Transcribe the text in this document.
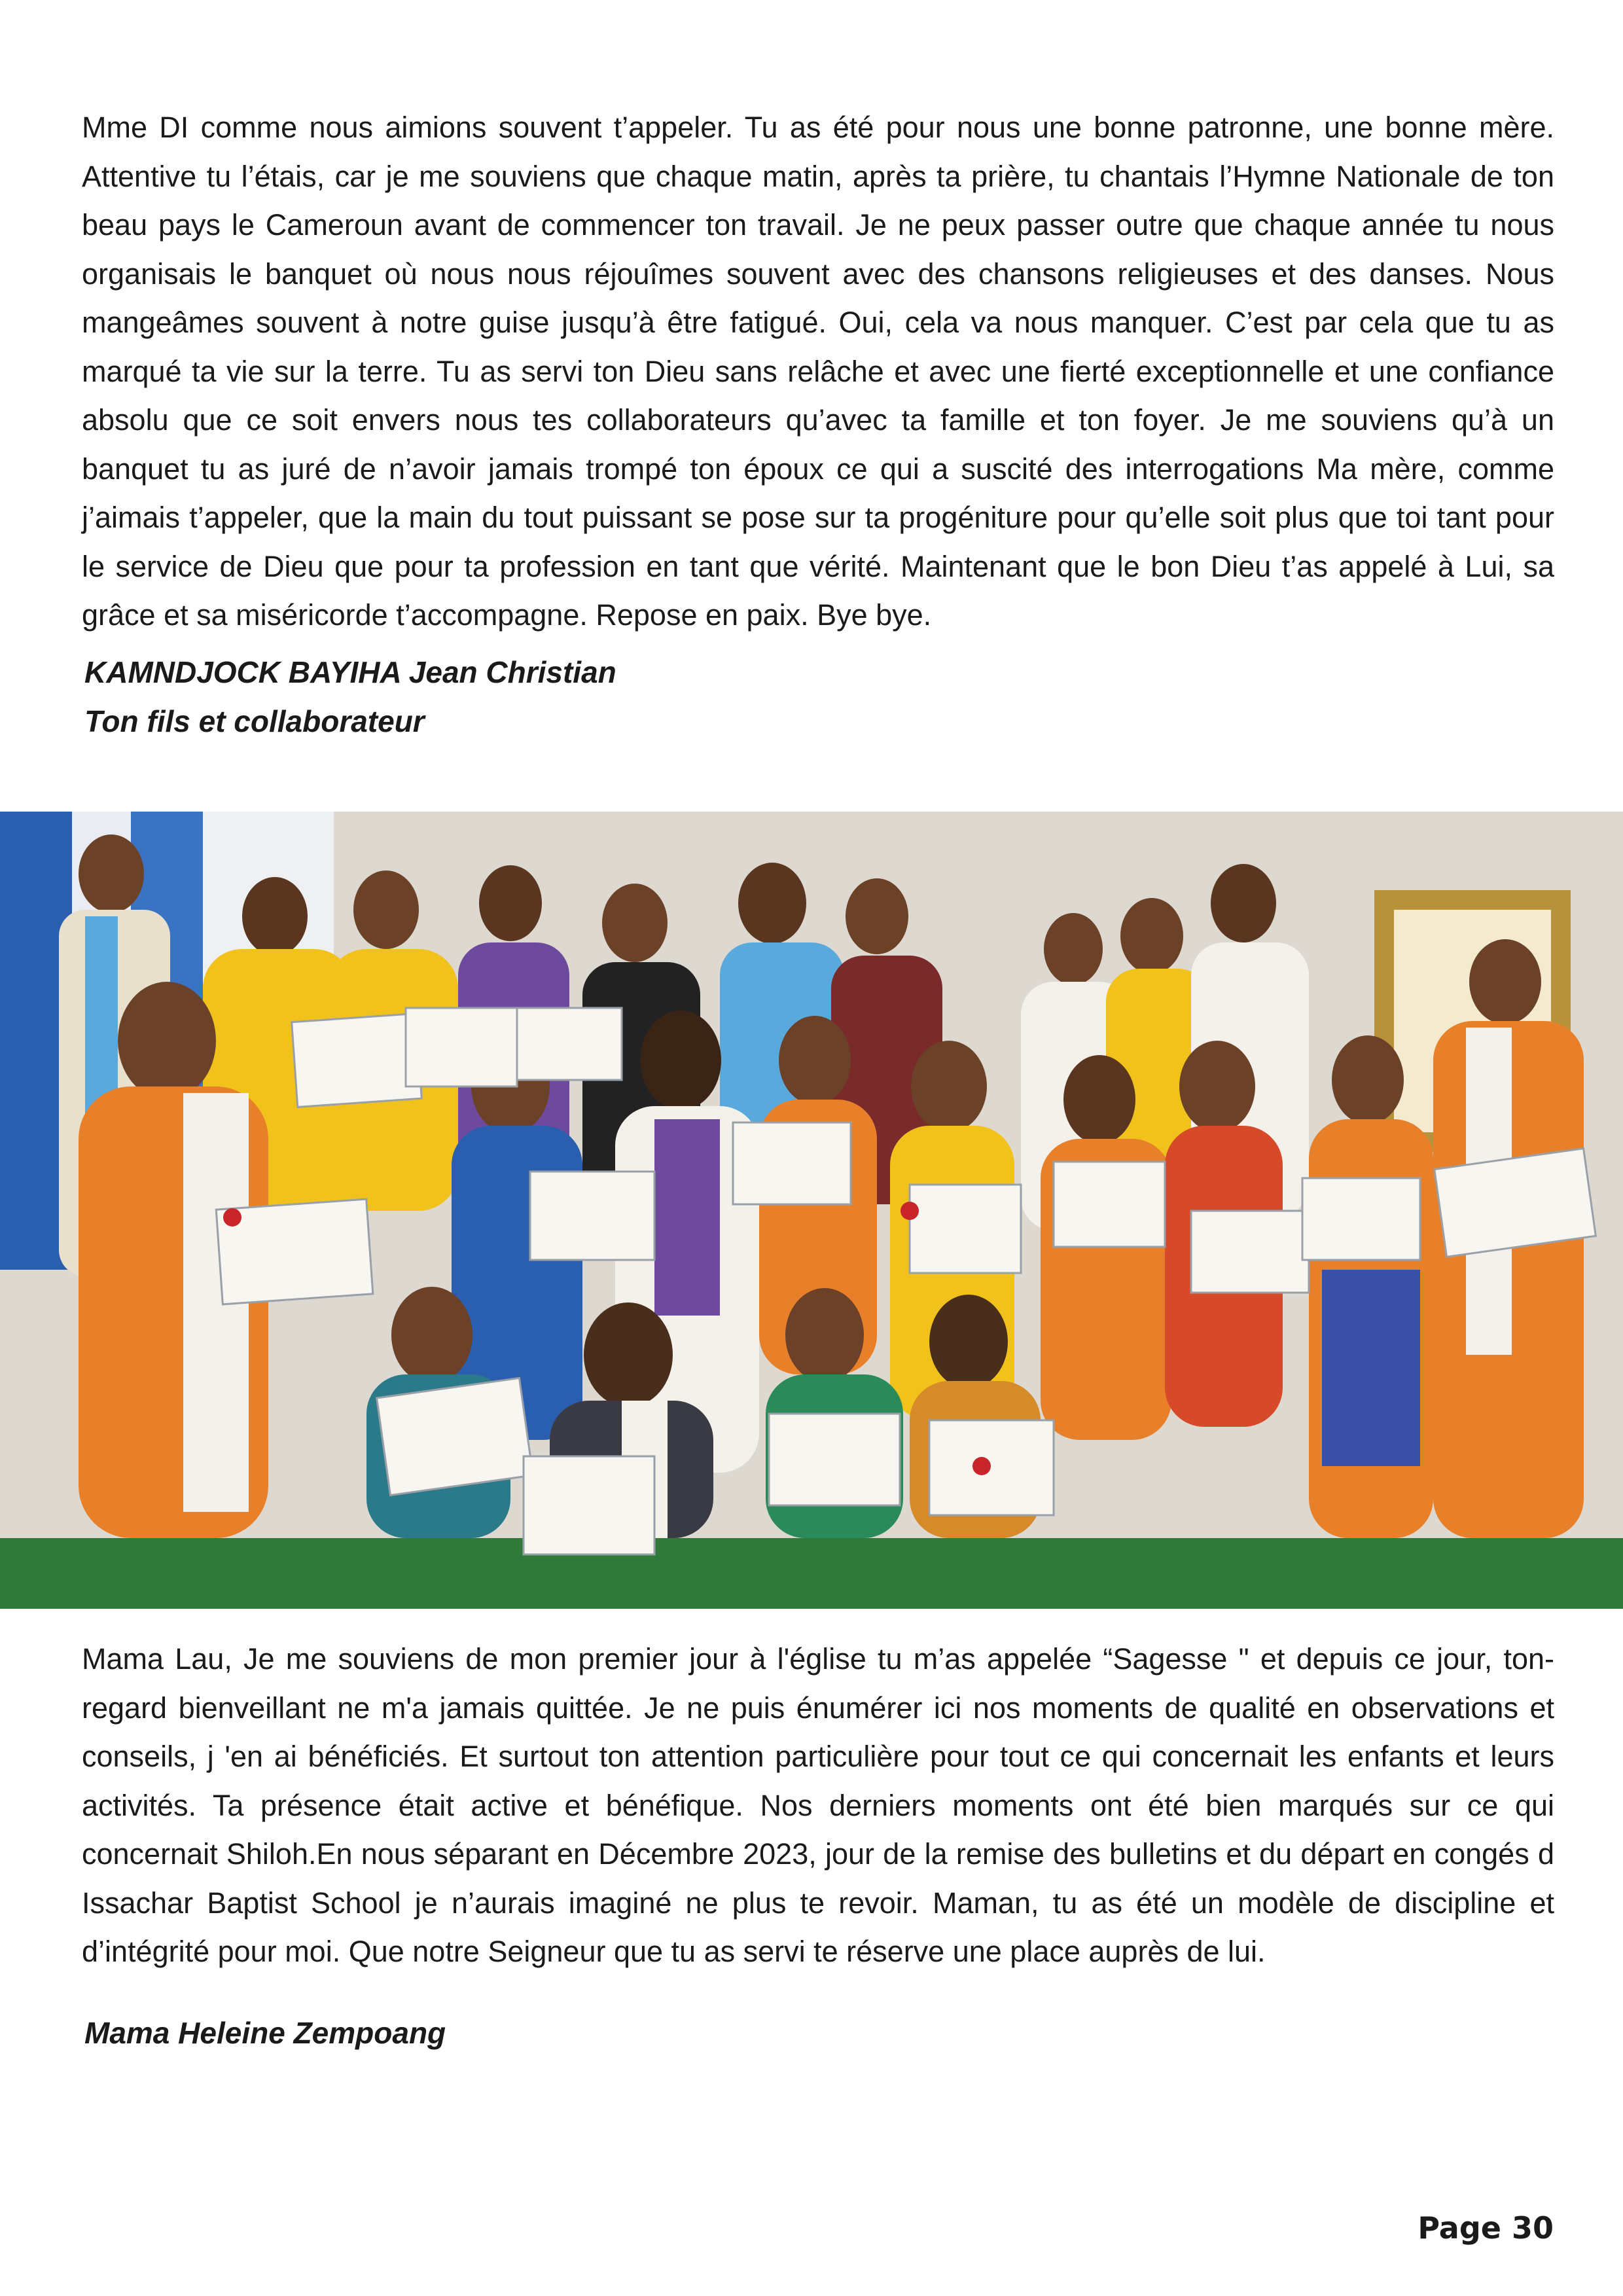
Mme DI comme nous aimions souvent t’appeler. Tu as été pour nous une bonne patronne, une bonne mère. Attentive tu l’étais, car je me souviens que chaque matin, après ta prière, tu chantais l’Hymne Nationale de ton beau pays le Cameroun avant de commencer ton travail. Je ne peux passer outre que chaque année tu nous organisais le banquet où nous nous réjouîmes souvent avec des chansons religieuses et des danses. Nous mangeâmes souvent à notre guise jusqu’à être fatigué. Oui, cela va nous manquer. C’est par cela que tu as marqué ta vie sur la terre. Tu as servi ton Dieu sans relâche et avec une fierté exceptionnelle et une confiance absolu que ce soit envers nous tes collaborateurs qu’avec ta famille et ton foyer. Je me souviens qu’à un banquet tu as juré de n’avoir jamais trompé ton époux ce qui a suscité des interrogations Ma mère, comme j’aimais t’appeler, que la main du tout puissant se pose sur ta progéniture pour qu’elle soit plus que toi tant pour le service de Dieu que pour ta profession en tant que vérité. Maintenant que le bon Dieu t’as appelé à Lui, sa grâce et sa miséricorde t’accompagne. Repose en paix. Bye bye.

KAMNDJOCK BAYIHA Jean Christian

Ton fils et collaborateur

Mama Lau, Je me souviens de mon premier jour à l'église tu m’as appelée “Sagesse " et depuis ce jour, ton-regard bienveillant ne m'a jamais quittée. Je ne puis énumérer ici nos moments de qualité en observations et conseils, j 'en ai bénéficiés. Et surtout ton attention particulière pour tout ce qui concernait les enfants et leurs activités. Ta présence était active et bénéfique. Nos derniers moments ont été bien marqués sur ce qui concernait Shiloh.En nous séparant en Décembre 2023, jour de la remise des bulletins et du départ en congés d Issachar Baptist School je n’aurais imaginé ne plus te revoir. Maman, tu as été un modèle de discipline et d’intégrité pour moi. Que notre Seigneur que tu as servi te réserve une place auprès de lui.

Mama Heleine Zempoang

Page 30
